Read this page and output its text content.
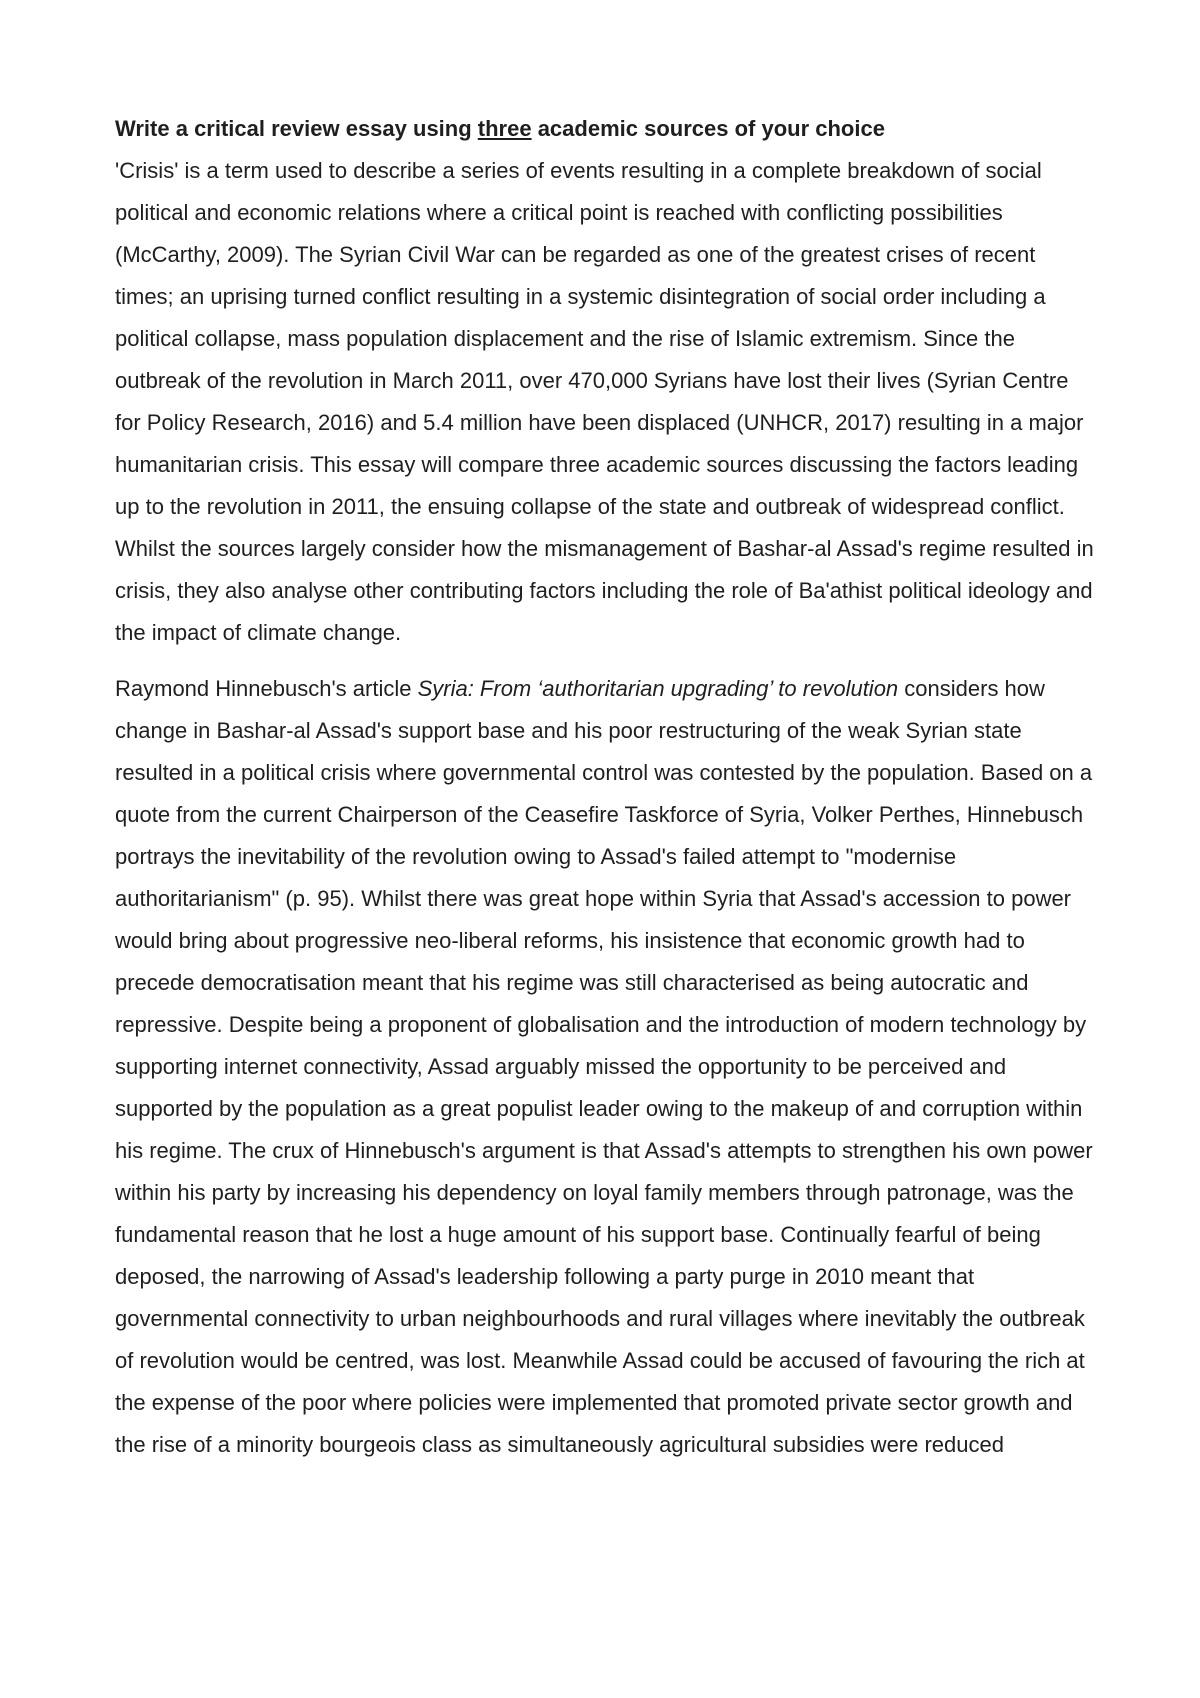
Write a critical review essay using three academic sources of your choice

'Crisis' is a term used to describe a series of events resulting in a complete breakdown of social political and economic relations where a critical point is reached with conflicting possibilities (McCarthy, 2009). The Syrian Civil War can be regarded as one of the greatest crises of recent times; an uprising turned conflict resulting in a systemic disintegration of social order including a political collapse, mass population displacement and the rise of Islamic extremism. Since the outbreak of the revolution in March 2011, over 470,000 Syrians have lost their lives (Syrian Centre for Policy Research, 2016) and 5.4 million have been displaced (UNHCR, 2017) resulting in a major humanitarian crisis. This essay will compare three academic sources discussing the factors leading up to the revolution in 2011, the ensuing collapse of the state and outbreak of widespread conflict. Whilst the sources largely consider how the mismanagement of Bashar-al Assad's regime resulted in crisis, they also analyse other contributing factors including the role of Ba'athist political ideology and the impact of climate change.

Raymond Hinnebusch's article Syria: From ‘authoritarian upgrading’ to revolution considers how change in Bashar-al Assad's support base and his poor restructuring of the weak Syrian state resulted in a political crisis where governmental control was contested by the population. Based on a quote from the current Chairperson of the Ceasefire Taskforce of Syria, Volker Perthes, Hinnebusch portrays the inevitability of the revolution owing to Assad's failed attempt to "modernise authoritarianism" (p. 95). Whilst there was great hope within Syria that Assad's accession to power would bring about progressive neo-liberal reforms, his insistence that economic growth had to precede democratisation meant that his regime was still characterised as being autocratic and repressive. Despite being a proponent of globalisation and the introduction of modern technology by supporting internet connectivity, Assad arguably missed the opportunity to be perceived and supported by the population as a great populist leader owing to the makeup of and corruption within his regime. The crux of Hinnebusch's argument is that Assad's attempts to strengthen his own power within his party by increasing his dependency on loyal family members through patronage, was the fundamental reason that he lost a huge amount of his support base. Continually fearful of being deposed, the narrowing of Assad's leadership following a party purge in 2010 meant that governmental connectivity to urban neighbourhoods and rural villages where inevitably the outbreak of revolution would be centred, was lost. Meanwhile Assad could be accused of favouring the rich at the expense of the poor where policies were implemented that promoted private sector growth and the rise of a minority bourgeois class as simultaneously agricultural subsidies were reduced
